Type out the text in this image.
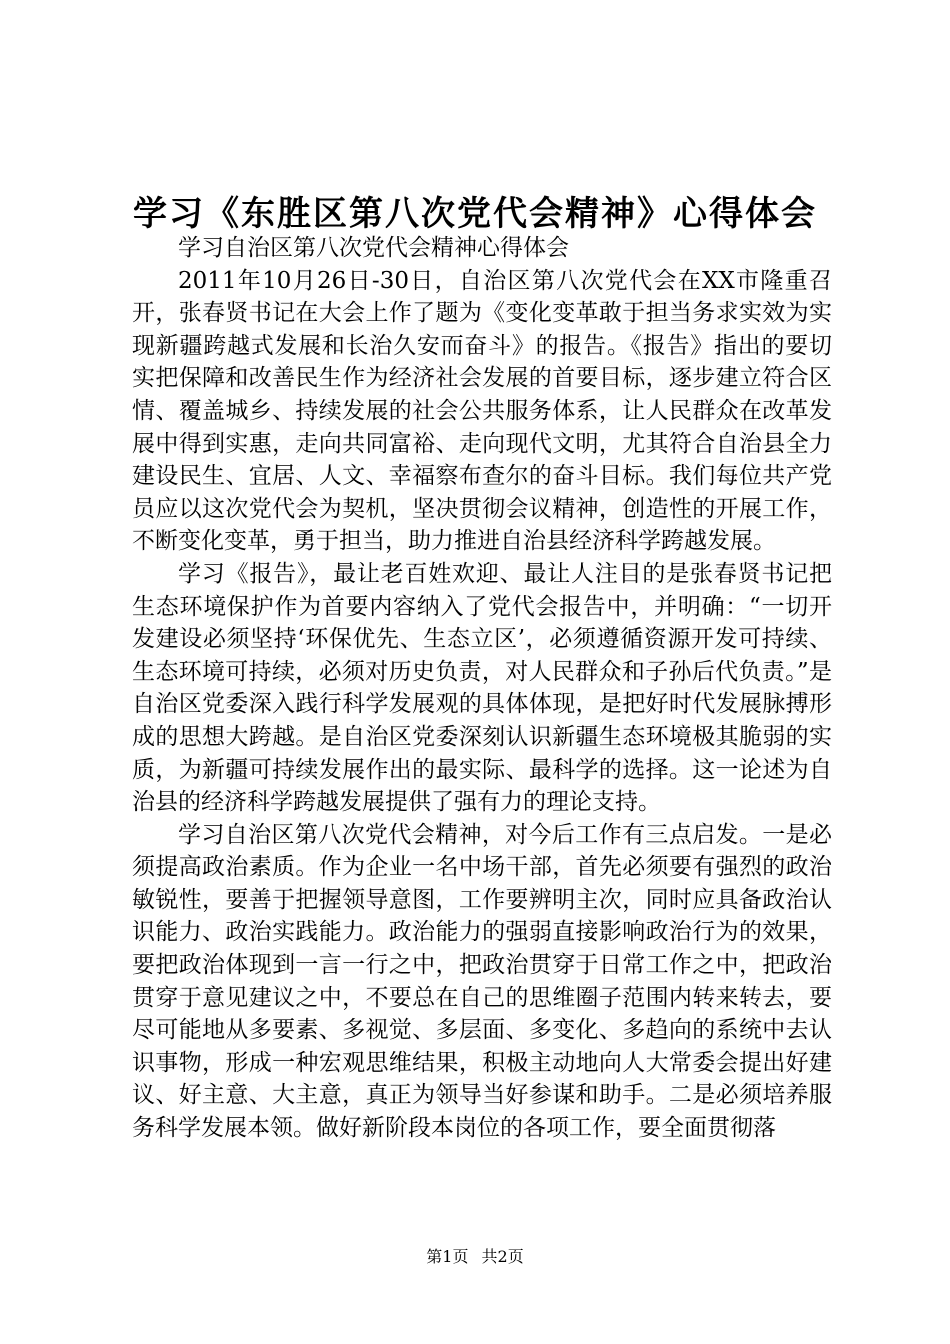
学习《东胜区第八次党代会精神》心得体会

学习自治区第八次党代会精神心得体会

2011年10月26日-30日，自治区第八次党代会在XX市隆重召开，张春贤书记在大会上作了题为《变化变革敢于担当务求实效为实现新疆跨越式发展和长治久安而奋斗》的报告。《报告》指出的要切实把保障和改善民生作为经济社会发展的首要目标，逐步建立符合区情、覆盖城乡、持续发展的社会公共服务体系，让人民群众在改革发展中得到实惠，走向共同富裕、走向现代文明，尤其符合自治县全力建设民生、宜居、人文、幸福察布查尔的奋斗目标。我们每位共产党员应以这次党代会为契机，坚决贯彻会议精神，创造性的开展工作，不断变化变革，勇于担当，助力推进自治县经济科学跨越发展。

学习《报告》，最让老百姓欢迎、最让人注目的是张春贤书记把生态环境保护作为首要内容纳入了党代会报告中，并明确：“一切开发建设必须坚持‘环保优先、生态立区’，必须遵循资源开发可持续、生态环境可持续，必须对历史负责，对人民群众和子孙后代负责。”是自治区党委深入践行科学发展观的具体体现，是把好时代发展脉搏形成的思想大跨越。是自治区党委深刻认识新疆生态环境极其脆弱的实质，为新疆可持续发展作出的最实际、最科学的选择。这一论述为自治县的经济科学跨越发展提供了强有力的理论支持。

学习自治区第八次党代会精神，对今后工作有三点启发。一是必须提高政治素质。作为企业一名中场干部，首先必须要有强烈的政治敏锐性，要善于把握领导意图，工作要辨明主次，同时应具备政治认识能力、政治实践能力。政治能力的强弱直接影响政治行为的效果，要把政治体现到一言一行之中，把政治贯穿于日常工作之中，把政治贯穿于意见建议之中，不要总在自己的思维圈子范围内转来转去，要尽可能地从多要素、多视觉、多层面、多变化、多趋向的系统中去认识事物，形成一种宏观思维结果，积极主动地向人大常委会提出好建议、好主意、大主意，真正为领导当好参谋和助手。二是必须培养服务科学发展本领。做好新阶段本岗位的各项工作，要全面贯彻落

第1页 共2页
